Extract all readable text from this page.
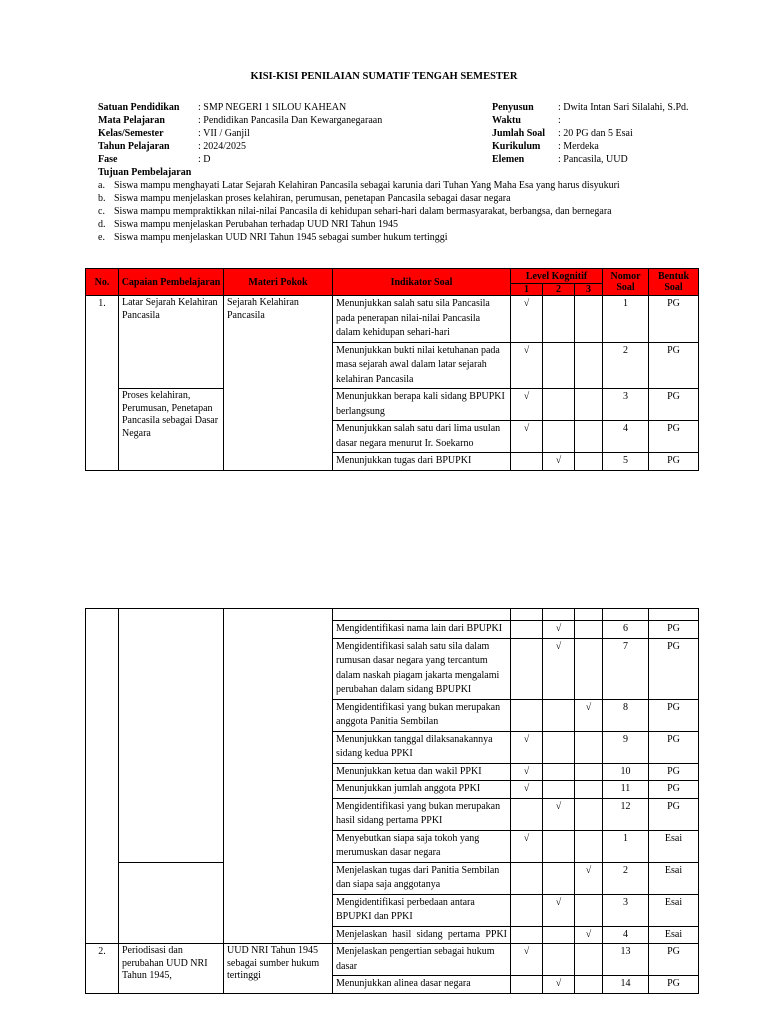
KISI-KISI PENILAIAN SUMATIF TENGAH SEMESTER
Satuan Pendidikan	: SMP NEGERI 1 SILOU KAHEAN
Mata Pelajaran	: Pendidikan Pancasila Dan Kewarganegaraan
Kelas/Semester	: VII / Ganjil
Tahun Pelajaran	: 2024/2025
Fase	: D
Penyusun	: Dwita Intan Sari Silalahi, S.Pd.
Waktu	:
Jumlah Soal	: 20 PG dan 5 Esai
Kurikulum	: Merdeka
Elemen	: Pancasila, UUD
Tujuan Pembelajaran
a. Siswa mampu menghayati Latar Sejarah Kelahiran Pancasila sebagai karunia dari Tuhan Yang Maha Esa yang harus disyukuri
b. Siswa mampu menjelaskan proses kelahiran, perumusan, penetapan Pancasila sebagai dasar negara
c. Siswa mampu mempraktikkan nilai-nilai Pancasila di kehidupan sehari-hari dalam bermasyarakat, berbangsa, dan bernegara
d. Siswa mampu menjelaskan Perubahan terhadap UUD NRI Tahun 1945
e. Siswa mampu menjelaskan UUD NRI Tahun 1945 sebagai sumber hukum tertinggi
No.	Capaian Pembelajaran	Materi Pokok	Indikator Soal	Level Kognitif			Nomor Soal	Bentuk Soal
				1	2	3		
1.	Latar Sejarah Kelahiran Pancasila	Sejarah Kelahiran Pancasila	Menunjukkan salah satu sila Pancasila pada penerapan nilai-nilai Pancasila dalam kehidupan sehari-hari	√			1	PG
			Menunjukkan bukti nilai ketuhanan pada masa sejarah awal dalam latar sejarah kelahiran Pancasila	√			2	PG
	Proses kelahiran, Perumusan, Penetapan Pancasila sebagai Dasar Negara		Menunjukkan berapa kali sidang BPUPKI berlangsung	√			3	PG
			Menunjukkan salah satu dari lima usulan dasar negara menurut Ir. Soekarno	√			4	PG
			Menunjukkan tugas dari BPUPKI		√		5	PG

			Mengidentifikasi nama lain dari BPUPKI		√		6	PG
			Mengidentifikasi salah satu sila dalam rumusan dasar negara yang tercantum dalam naskah piagam jakarta mengalami perubahan dalam sidang BPUPKI		√		7	PG
			Mengidentifikasi yang bukan merupakan anggota Panitia Sembilan			√	8	PG
			Menunjukkan tanggal dilaksanakannya sidang kedua PPKI	√			9	PG
			Menunjukkan ketua dan wakil PPKI	√			10	PG
			Menunjukkan jumlah anggota PPKI	√			11	PG
			Mengidentifikasi yang bukan merupakan hasil sidang pertama PPKI		√		12	PG
			Menyebutkan siapa saja tokoh yang merumuskan dasar negara	√			1	Esai
			Menjelaskan tugas dari Panitia Sembilan dan siapa saja anggotanya			√	2	Esai
			Mengidentifikasi perbedaan antara BPUPKI dan PPKI		√		3	Esai
			Menjelaskan hasil sidang pertama PPKI			√	4	Esai
2.	Periodisasi dan perubahan UUD NRI Tahun 1945,	UUD NRI Tahun 1945 sebagai sumber hukum tertinggi	Menjelaskan pengertian sebagai hukum dasar	√			13	PG
			Menunjukkan alinea dasar negara		√		14	PG
